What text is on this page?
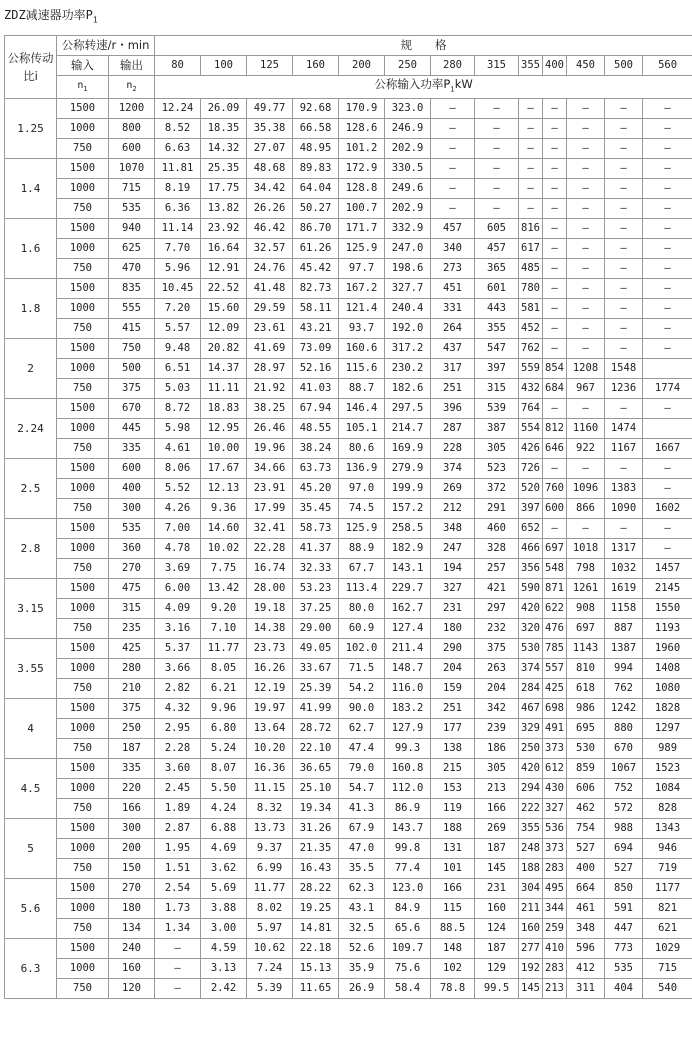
ZDZ减速器功率$P_1$
公称传动比i	公称转速/r・min		规　　格												
	输入	输出	80	100	125	160	200	250	280	315	355	400	450	500	560
	$n_1$	$n_2$	公称输入功率$P_1kW$												
1.25	1500	1200	12.24	26.09	49.77	92.68	170.9	323.0	—	—	—	—	—	—	—
	1000	800	8.52	18.35	35.38	66.58	128.6	246.9	—	—	—	—	—	—	—
	750	600	6.63	14.32	27.07	48.95	101.2	202.9	—	—	—	—	—	—	—
1.4	1500	1070	11.81	25.35	48.68	89.83	172.9	330.5	—	—	—	—	—	—	—
	1000	715	8.19	17.75	34.42	64.04	128.8	249.6	—	—	—	—	—	—	—
	750	535	6.36	13.82	26.26	50.27	100.7	202.9	—	—	—	—	—	—	—
1.6	1500	940	11.14	23.92	46.42	86.70	171.7	332.9	457	605	816	—	—	—	—
	1000	625	7.70	16.64	32.57	61.26	125.9	247.0	340	457	617	—	—	—	—
	750	470	5.96	12.91	24.76	45.42	97.7	198.6	273	365	485	—	—	—	—
1.8	1500	835	10.45	22.52	41.48	82.73	167.2	327.7	451	601	780	—	—	—	—
	1000	555	7.20	15.60	29.59	58.11	121.4	240.4	331	443	581	—	—	—	—
	750	415	5.57	12.09	23.61	43.21	93.7	192.0	264	355	452	—	—	—	—
2	1500	750	9.48	20.82	41.69	73.09	160.6	317.2	437	547	762	—	—	—	—
	1000	500	6.51	14.37	28.97	52.16	115.6	230.2	317	397	559	854	1208	1548	
	750	375	5.03	11.11	21.92	41.03	88.7	182.6	251	315	432	684	967	1236	1774
2.24	1500	670	8.72	18.83	38.25	67.94	146.4	297.5	396	539	764	—	—	—	—
	1000	445	5.98	12.95	26.46	48.55	105.1	214.7	287	387	554	812	1160	1474	
	750	335	4.61	10.00	19.96	38.24	80.6	169.9	228	305	426	646	922	1167	1667
2.5	1500	600	8.06	17.67	34.66	63.73	136.9	279.9	374	523	726	—	—	—	—
	1000	400	5.52	12.13	23.91	45.20	97.0	199.9	269	372	520	760	1096	1383	—
	750	300	4.26	9.36	17.99	35.45	74.5	157.2	212	291	397	600	866	1090	1602
2.8	1500	535	7.00	14.60	32.41	58.73	125.9	258.5	348	460	652	—	—	—	—
	1000	360	4.78	10.02	22.28	41.37	88.9	182.9	247	328	466	697	1018	1317	—
	750	270	3.69	7.75	16.74	32.33	67.7	143.1	194	257	356	548	798	1032	1457
3.15	1500	475	6.00	13.42	28.00	53.23	113.4	229.7	327	421	590	871	1261	1619	2145
	1000	315	4.09	9.20	19.18	37.25	80.0	162.7	231	297	420	622	908	1158	1550
	750	235	3.16	7.10	14.38	29.00	60.9	127.4	180	232	320	476	697	887	1193
3.55	1500	425	5.37	11.77	23.73	49.05	102.0	211.4	290	375	530	785	1143	1387	1960
	1000	280	3.66	8.05	16.26	33.67	71.5	148.7	204	263	374	557	810	994	1408
	750	210	2.82	6.21	12.19	25.39	54.2	116.0	159	204	284	425	618	762	1080
4	1500	375	4.32	9.96	19.97	41.99	90.0	183.2	251	342	467	698	986	1242	1828
	1000	250	2.95	6.80	13.64	28.72	62.7	127.9	177	239	329	491	695	880	1297
	750	187	2.28	5.24	10.20	22.10	47.4	99.3	138	186	250	373	530	670	989
4.5	1500	335	3.60	8.07	16.36	36.65	79.0	160.8	215	305	420	612	859	1067	1523
	1000	220	2.45	5.50	11.15	25.10	54.7	112.0	153	213	294	430	606	752	1084
	750	166	1.89	4.24	8.32	19.34	41.3	86.9	119	166	222	327	462	572	828
5	1500	300	2.87	6.88	13.73	31.26	67.9	143.7	188	269	355	536	754	988	1343
	1000	200	1.95	4.69	9.37	21.35	47.0	99.8	131	187	248	373	527	694	946
	750	150	1.51	3.62	6.99	16.43	35.5	77.4	101	145	188	283	400	527	719
5.6	1500	270	2.54	5.69	11.77	28.22	62.3	123.0	166	231	304	495	664	850	1177
	1000	180	1.73	3.88	8.02	19.25	43.1	84.9	115	160	211	344	461	591	821
	750	134	1.34	3.00	5.97	14.81	32.5	65.6	88.5	124	160	259	348	447	621
6.3	1500	240	—	4.59	10.62	22.18	52.6	109.7	148	187	277	410	596	773	1029
	1000	160	—	3.13	7.24	15.13	35.9	75.6	102	129	192	283	412	535	715
	750	120	—	2.42	5.39	11.65	26.9	58.4	78.8	99.5	145	213	311	404	540
